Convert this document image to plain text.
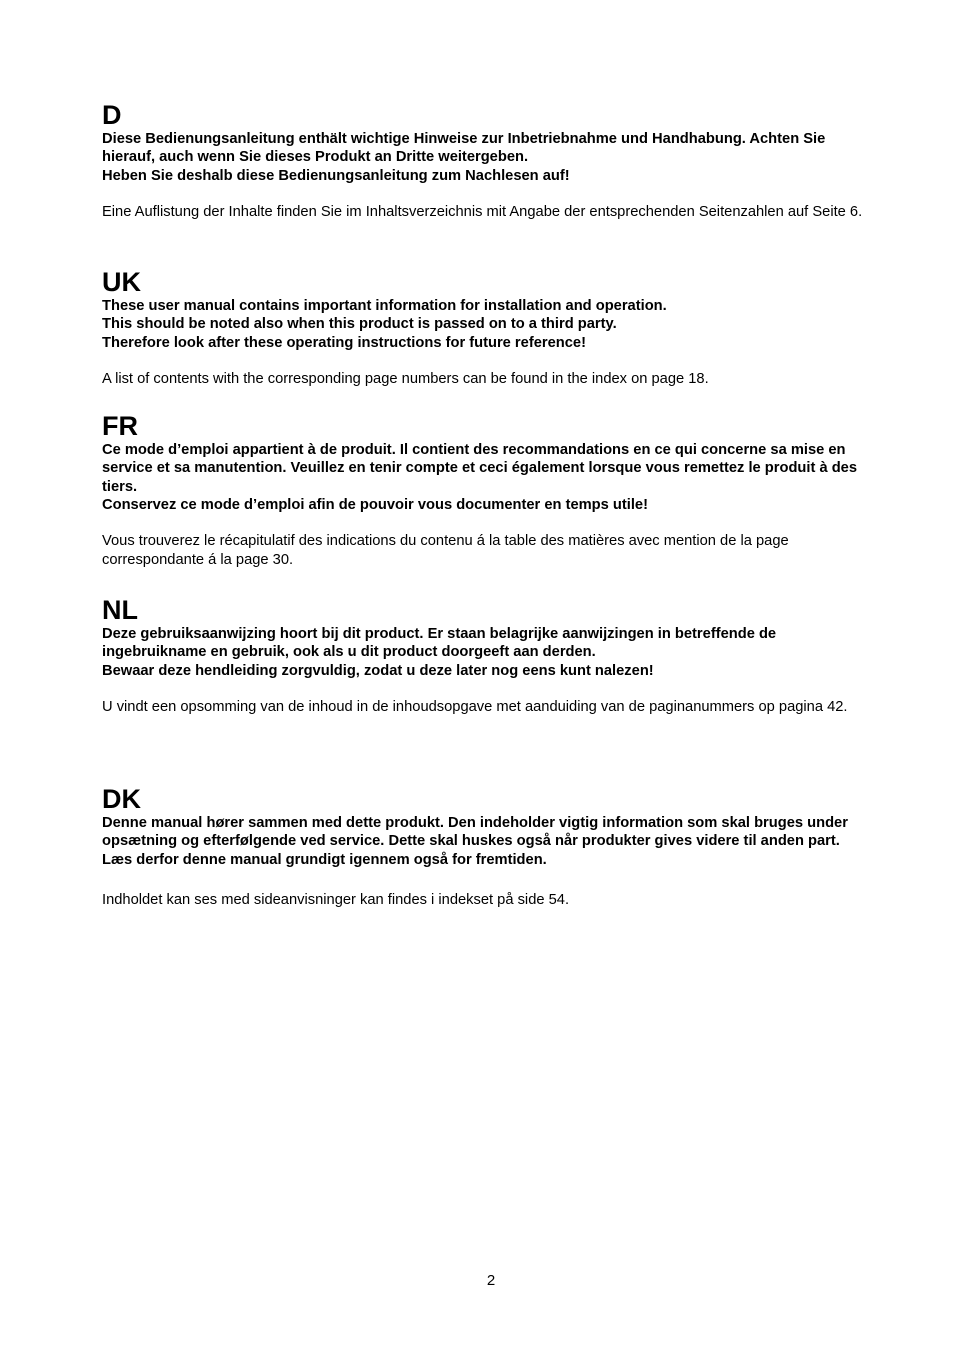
D

Diese Bedienungsanleitung enthält wichtige Hinweise zur Inbetriebnahme und Handhabung. Achten Sie hierauf, auch wenn Sie dieses Produkt an Dritte weitergeben.
Heben Sie deshalb diese Bedienungsanleitung zum Nachlesen auf!

Eine Auflistung der Inhalte finden Sie im Inhaltsverzeichnis mit Angabe der entsprechenden Seitenzahlen auf Seite 6.

UK

These user manual contains important information for installation and operation.
This should be noted also when this product is passed on to a third party.
Therefore look after these operating instructions for future reference!

A list of contents with the corresponding page numbers can be found in the index on page 18.

FR

Ce mode d’emploi appartient à de produit. Il contient des recommandations en ce qui concerne sa mise en service et sa manutention. Veuillez en tenir compte et ceci également lorsque vous remettez le produit à des tiers.
Conservez ce mode d’emploi afin de pouvoir vous documenter en temps utile!

Vous trouverez le récapitulatif des indications du contenu á la table des matières avec mention de la page correspondante á la page 30.

NL

Deze gebruiksaanwijzing hoort bij dit product. Er staan belagrijke aanwijzingen in betreffende de ingebruikname en gebruik, ook als u dit product doorgeeft aan derden.
Bewaar deze hendleiding zorgvuldig, zodat u deze later nog eens kunt nalezen!

U vindt een opsomming van de inhoud in de inhoudsopgave met aanduiding van de paginanummers op pagina 42.

DK

Denne manual hører sammen med dette produkt. Den indeholder vigtig information som skal bruges under opsætning og efterfølgende ved service. Dette skal huskes også når produkter gives videre til anden part.
Læs derfor denne manual grundigt igennem også for fremtiden.

Indholdet kan ses med sideanvisninger kan findes i indekset på side 54.

2
